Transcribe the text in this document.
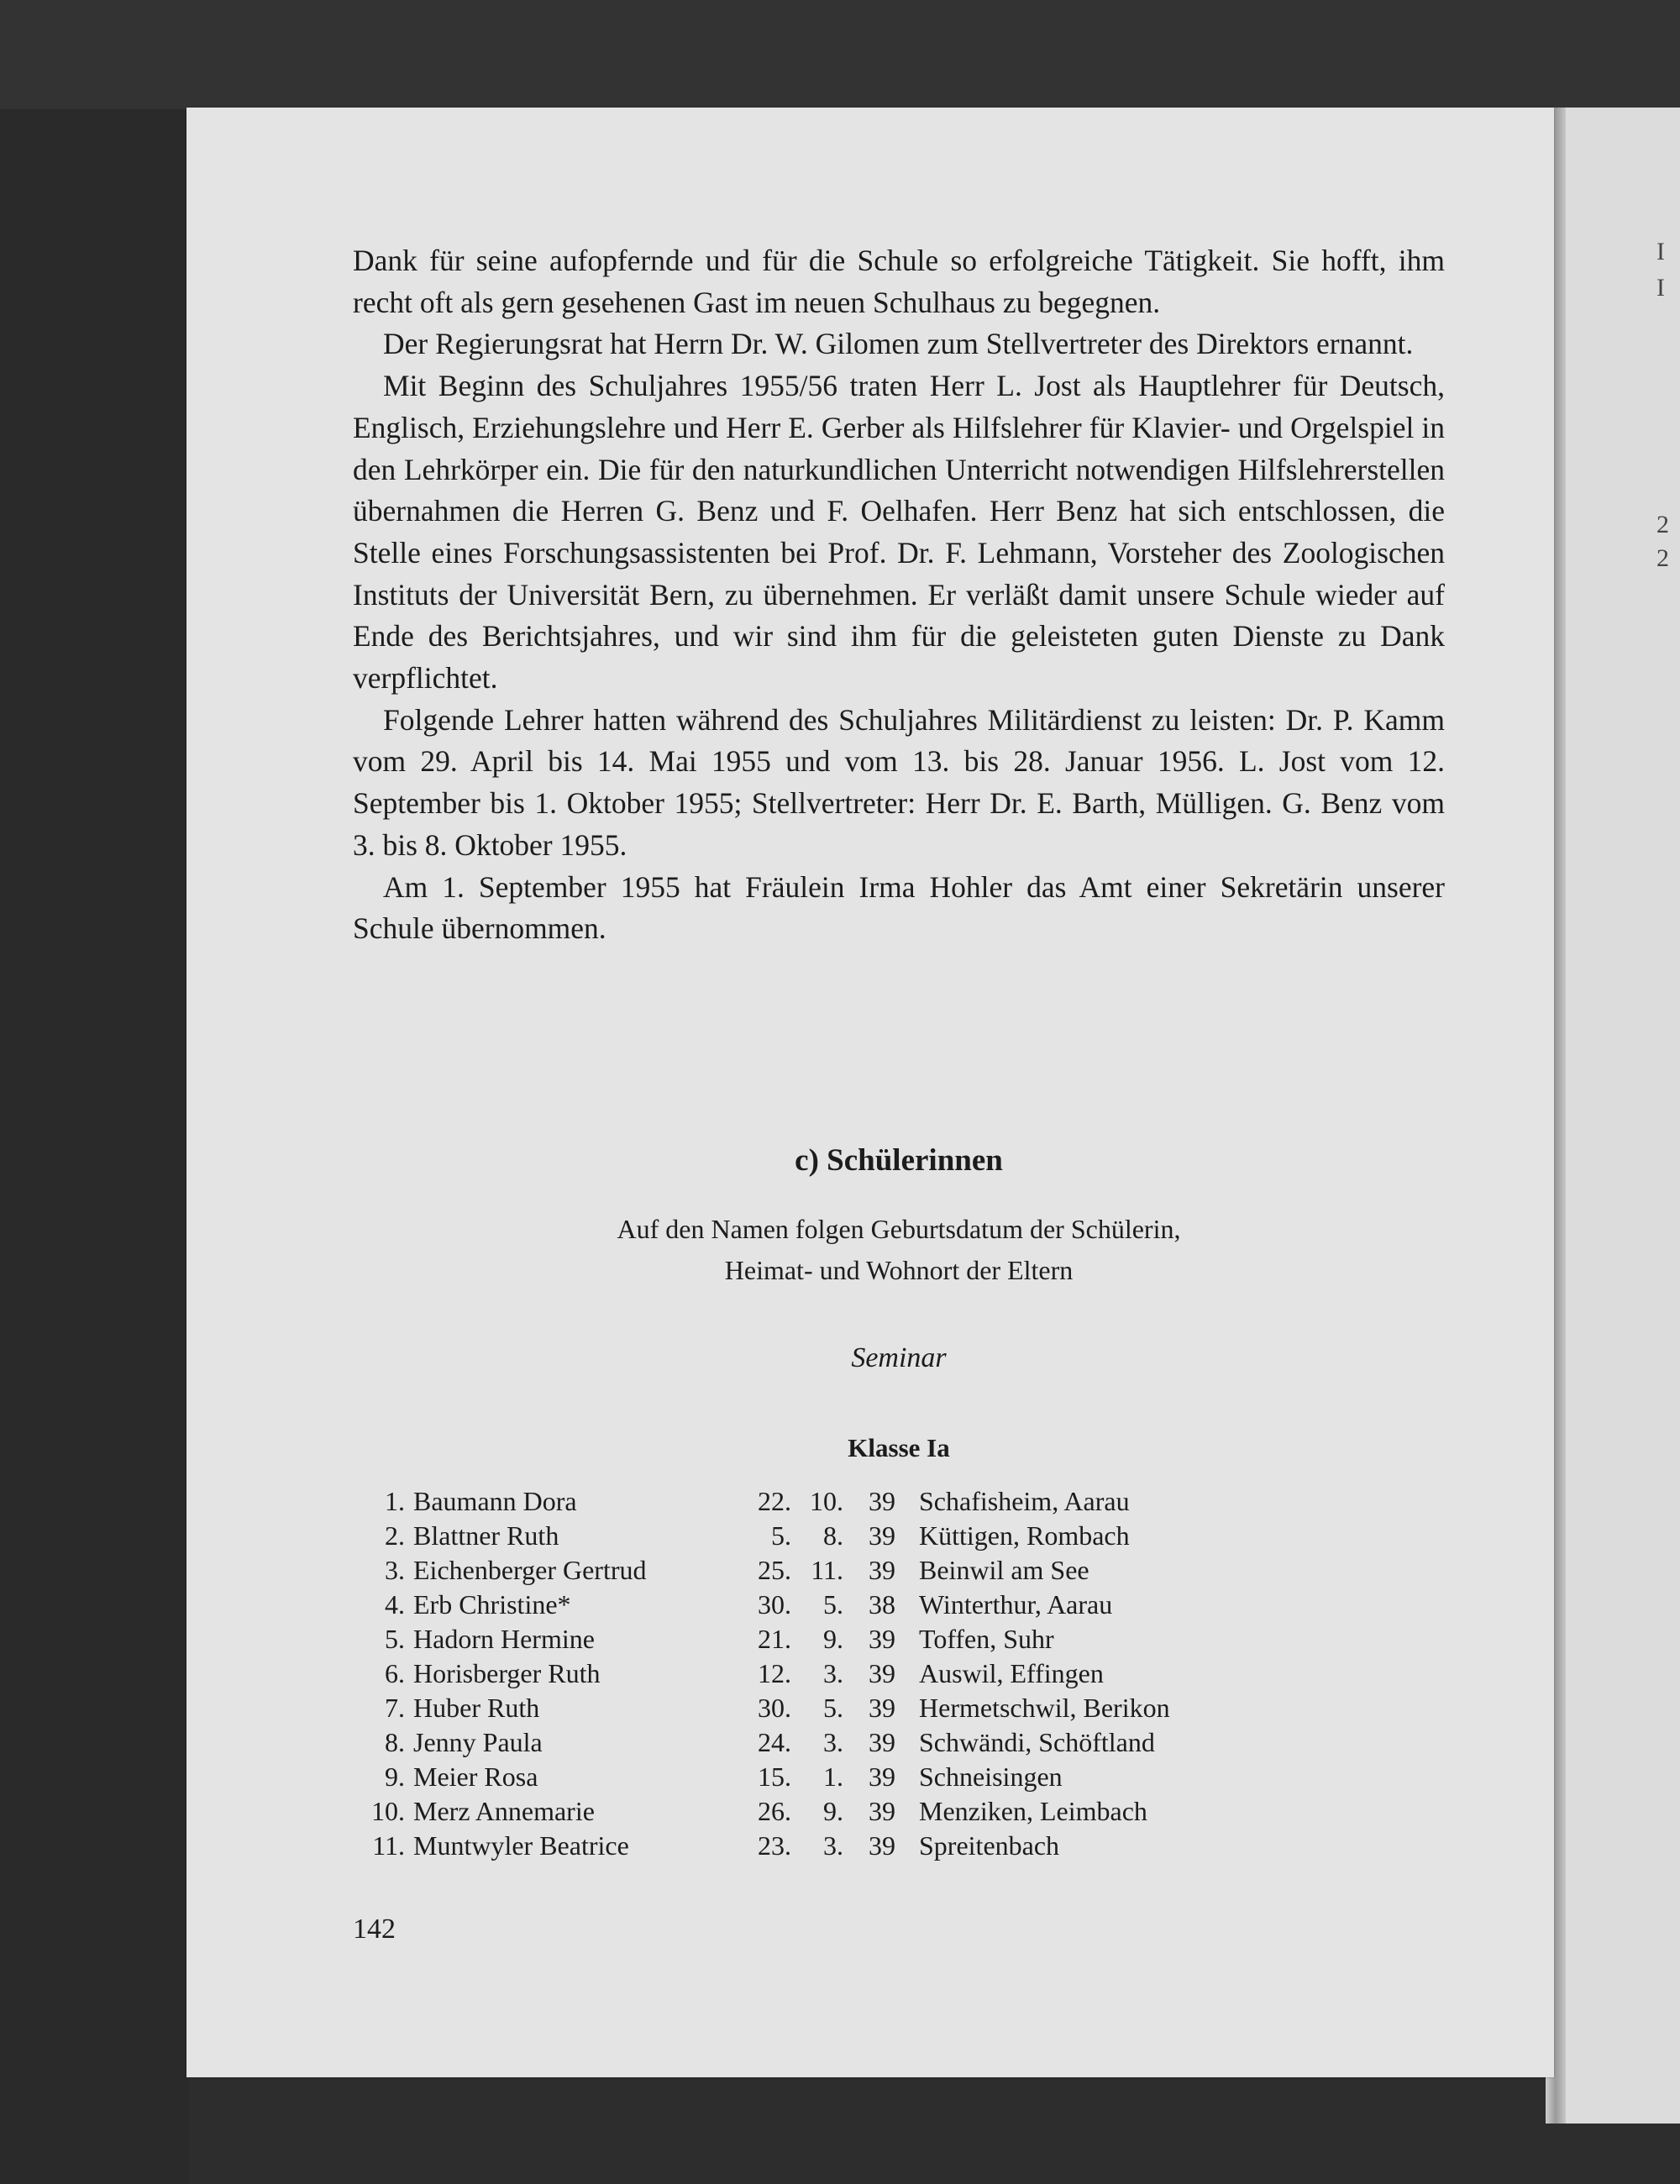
I
I
2
2

Dank für seine aufopfernde und für die Schule so erfolgreiche Tätigkeit. Sie hofft, ihm recht oft als gern gesehenen Gast im neuen Schulhaus zu begegnen.

Der Regierungsrat hat Herrn Dr. W. Gilomen zum Stellvertreter des Direktors ernannt.

Mit Beginn des Schuljahres 1955/56 traten Herr L. Jost als Hauptlehrer für Deutsch, Englisch, Erziehungslehre und Herr E. Gerber als Hilfslehrer für Klavier- und Orgelspiel in den Lehrkörper ein. Die für den naturkundlichen Unterricht notwendigen Hilfslehrerstellen übernahmen die Herren G. Benz und F. Oelhafen. Herr Benz hat sich entschlossen, die Stelle eines Forschungsassistenten bei Prof. Dr. F. Lehmann, Vorsteher des Zoologischen Instituts der Universität Bern, zu übernehmen. Er verläßt damit unsere Schule wieder auf Ende des Berichtsjahres, und wir sind ihm für die geleisteten guten Dienste zu Dank verpflichtet.

Folgende Lehrer hatten während des Schuljahres Militärdienst zu leisten: Dr. P. Kamm vom 29. April bis 14. Mai 1955 und vom 13. bis 28. Januar 1956. L. Jost vom 12. September bis 1. Oktober 1955; Stellvertreter: Herr Dr. E. Barth, Mülligen. G. Benz vom 3. bis 8. Oktober 1955.

Am 1. September 1955 hat Fräulein Irma Hohler das Amt einer Sekretärin unserer Schule übernommen.

c) Schülerinnen

Auf den Namen folgen Geburtsdatum der Schülerin,

Heimat- und Wohnort der Eltern

Seminar

Klasse Ia
1. Baumann Dora	22. 10. 39 Schafisheim, Aarau
2. Blattner Ruth	5. 8. 39 Küttigen, Rombach
3. Eichenberger Gertrud	25. 11. 39 Beinwil am See
4. Erb Christine*	30. 5. 38 Winterthur, Aarau
5. Hadorn Hermine	21. 9. 39 Toffen, Suhr
6. Horisberger Ruth	12. 3. 39 Auswil, Effingen
7. Huber Ruth	30. 5. 39 Hermetschwil, Berikon
8. Jenny Paula	24. 3. 39 Schwändi, Schöftland
9. Meier Rosa	15. 1. 39 Schneisingen
10. Merz Annemarie	26. 9. 39 Menziken, Leimbach
11. Muntwyler Beatrice	23. 3. 39 Spreitenbach

142
